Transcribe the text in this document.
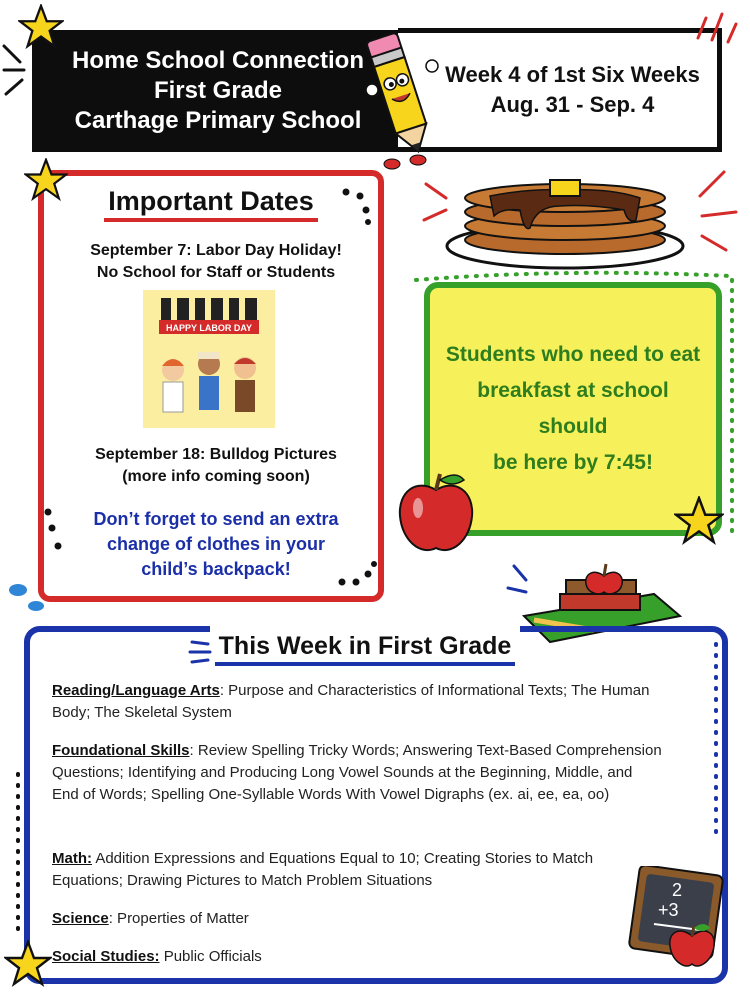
Home School Connection
First Grade
Carthage Primary School
Week 4 of 1st Six Weeks
Aug. 31 - Sep. 4
Important Dates
September 7: Labor Day Holiday!
No School for Staff or Students
HAPPY LABOR DAY
September 18: Bulldog Pictures
(more info coming soon)
Don’t forget to send an extra
change of clothes in your
child’s backpack!
Students who need to eat
breakfast at school should
be here by 7:45!
This Week in First Grade
Reading/Language Arts: Purpose and Characteristics of Informational Texts; The Human Body; The Skeletal System
Foundational Skills: Review Spelling Tricky Words; Answering Text-Based Comprehension Questions; Identifying and Producing Long Vowel Sounds at the Beginning, Middle, and End of Words; Spelling One-Syllable Words With Vowel Digraphs (ex. ai, ee, ea, oo)
Math: Addition Expressions and Equations Equal to 10; Creating Stories to Match Equations; Drawing Pictures to Match Problem Situations
Science: Properties of Matter
Social Studies: Public Officials
2
+3
